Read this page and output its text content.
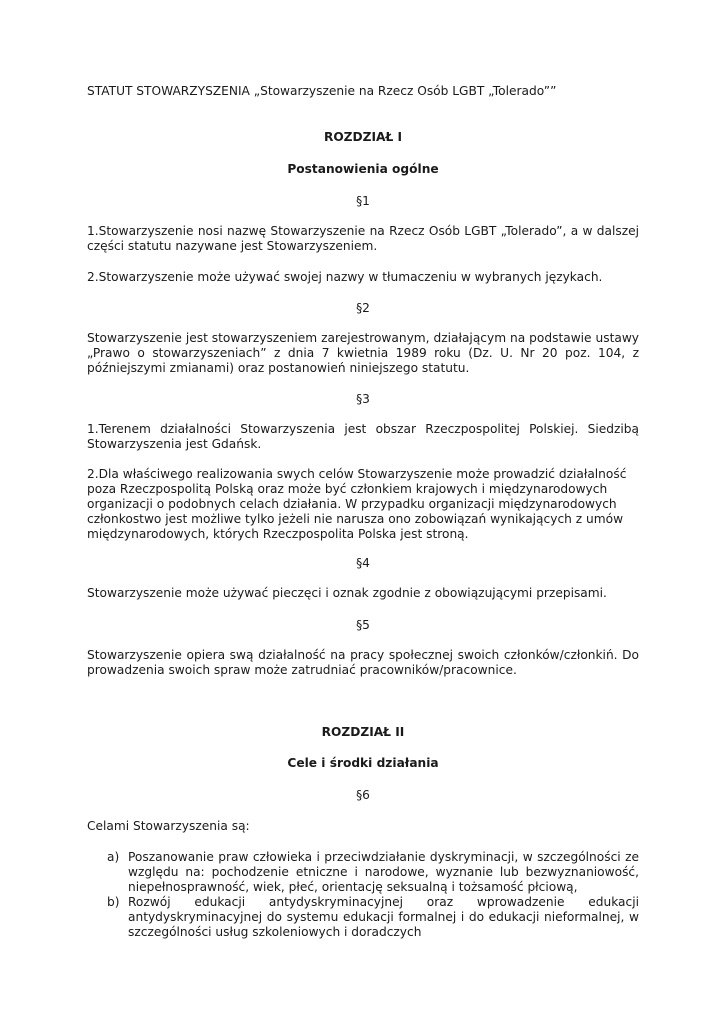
STATUT STOWARZYSZENIA „Stowarzyszenie na Rzecz Osób LGBT „Tolerado””

ROZDZIAŁ I

Postanowienia ogólne

§1

1.Stowarzyszenie nosi nazwę Stowarzyszenie na Rzecz Osób LGBT „Tolerado”, a w dalszej części statutu nazywane jest Stowarzyszeniem.

2.Stowarzyszenie może używać swojej nazwy w tłumaczeniu w wybranych językach.

§2

Stowarzyszenie jest stowarzyszeniem zarejestrowanym, działającym na podstawie ustawy „Prawo o stowarzyszeniach” z dnia 7 kwietnia 1989 roku (Dz. U. Nr 20 poz. 104, z późniejszymi zmianami) oraz postanowień niniejszego statutu.

§3

1.Terenem działalności Stowarzyszenia jest obszar Rzeczpospolitej Polskiej. Siedzibą Stowarzyszenia jest Gdańsk.

2.Dla właściwego realizowania swych celów Stowarzyszenie może prowadzić działalność poza Rzeczpospolitą Polską oraz może być członkiem krajowych i międzynarodowych organizacji o podobnych celach działania. W przypadku organizacji międzynarodowych członkostwo jest możliwe tylko jeżeli nie narusza ono zobowiązań wynikających z umów międzynarodowych, których Rzeczpospolita Polska jest stroną.

§4

Stowarzyszenie może używać pieczęci i oznak zgodnie z obowiązującymi przepisami.

§5

Stowarzyszenie opiera swą działalność na pracy społecznej swoich członków/członkiń. Do prowadzenia swoich spraw może zatrudniać pracowników/pracownice.

ROZDZIAŁ II

Cele i środki działania

§6

Celami Stowarzyszenia są:

a) Poszanowanie praw człowieka i przeciwdziałanie dyskryminacji, w szczególności ze względu na: pochodzenie etniczne i narodowe, wyznanie lub bezwyznaniowość, niepełnosprawność, wiek, płeć, orientację seksualną i tożsamość płciową,
b) Rozwój edukacji antydyskryminacyjnej oraz wprowadzenie edukacji antydyskryminacyjnej do systemu edukacji formalnej i do edukacji nieformalnej, w szczególności usług szkoleniowych i doradczych
